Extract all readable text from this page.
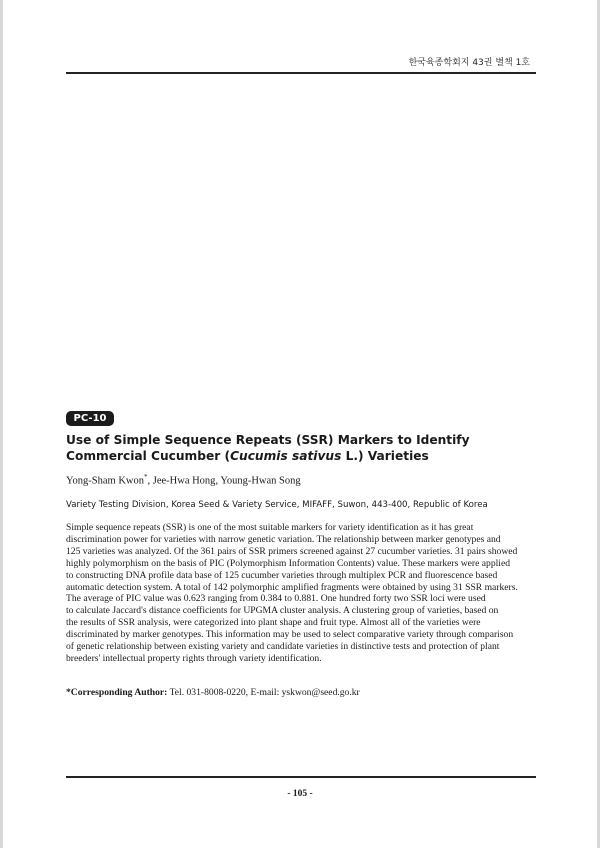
한국육종학회지 43권 별책 1호
PC-10
Use of Simple Sequence Repeats (SSR) Markers to Identify Commercial Cucumber (Cucumis sativus L.) Varieties
Yong-Sham Kwon*, Jee-Hwa Hong, Young-Hwan Song
Variety Testing Division, Korea Seed & Variety Service, MIFAFF, Suwon, 443-400, Republic of Korea

Simple sequence repeats (SSR) is one of the most suitable markers for variety identification as it has great
discrimination power for varieties with narrow genetic variation. The relationship between marker genotypes and
125 varieties was analyzed. Of the 361 pairs of SSR primers screened against 27 cucumber varieties. 31 pairs showed
highly polymorphism on the basis of PIC (Polymorphism Information Contents) value. These markers were applied
to constructing DNA profile data base of 125 cucumber varieties through multiplex PCR and fluorescence based
automatic detection system. A total of 142 polymorphic amplified fragments were obtained by using 31 SSR markers.
The average of PIC value was 0.623 ranging from 0.384 to 0.881. One hundred forty two SSR loci were used
to calculate Jaccard's distance coefficients for UPGMA cluster analysis. A clustering group of varieties, based on
the results of SSR analysis, were categorized into plant shape and fruit type. Almost all of the varieties were
discriminated by marker genotypes. This information may be used to select comparative variety through comparison
of genetic relationship between existing variety and candidate varieties in distinctive tests and protection of plant
breeders' intellectual property rights through variety identification.

*Corresponding Author: Tel. 031-8008-0220, E-mail: yskwon@seed.go.kr
- 105 -
